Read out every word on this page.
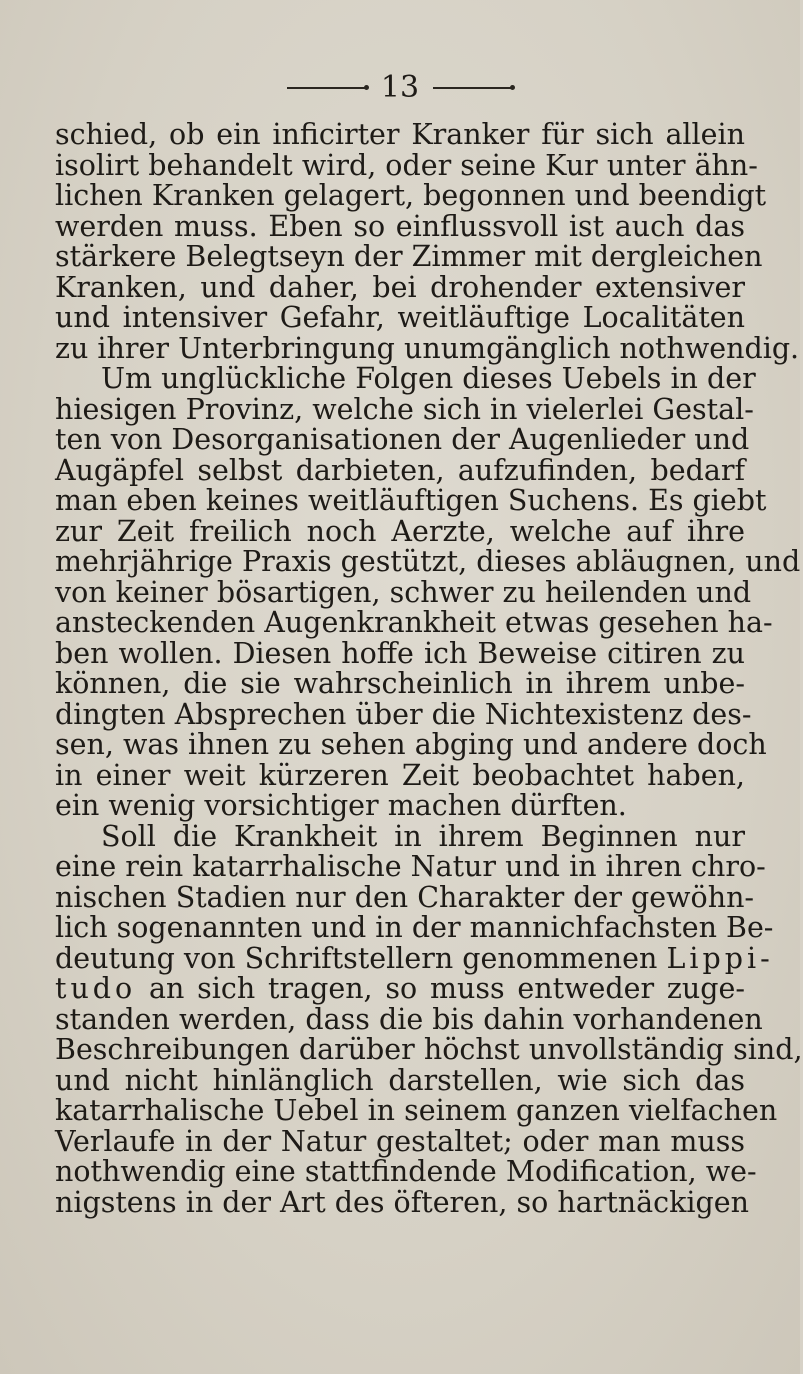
13
schied, ob ein inficirter Kranker für sich allein
isolirt behandelt wird, oder seine Kur unter ähn-
lichen Kranken gelagert, begonnen und beendigt
werden muss. Eben so einflussvoll ist auch das
stärkere Belegtseyn der Zimmer mit dergleichen
Kranken, und daher, bei drohender extensiver
und intensiver Gefahr, weitläuftige Localitäten
zu ihrer Unterbringung unumgänglich nothwendig.
Um unglückliche Folgen dieses Uebels in der
hiesigen Provinz, welche sich in vielerlei Gestal-
ten von Desorganisationen der Augenlieder und
Augäpfel selbst darbieten, aufzufinden, bedarf
man eben keines weitläuftigen Suchens. Es giebt
zur Zeit freilich noch Aerzte, welche auf ihre
mehrjährige Praxis gestützt, dieses abläugnen, und
von keiner bösartigen, schwer zu heilenden und
ansteckenden Augenkrankheit etwas gesehen ha-
ben wollen. Diesen hoffe ich Beweise citiren zu
können, die sie wahrscheinlich in ihrem unbe-
dingten Absprechen über die Nichtexistenz des-
sen, was ihnen zu sehen abging und andere doch
in einer weit kürzeren Zeit beobachtet haben,
ein wenig vorsichtiger machen dürften.
Soll die Krankheit in ihrem Beginnen nur
eine rein katarrhalische Natur und in ihren chro-
nischen Stadien nur den Charakter der gewöhn-
lich sogenannten und in der mannichfachsten Be-
deutung von Schriftstellern genommenen Lippi-
tudo an sich tragen, so muss entweder zuge-
standen werden, dass die bis dahin vorhandenen
Beschreibungen darüber höchst unvollständig sind,
und nicht hinlänglich darstellen, wie sich das
katarrhalische Uebel in seinem ganzen vielfachen
Verlaufe in der Natur gestaltet; oder man muss
nothwendig eine stattfindende Modification, we-
nigstens in der Art des öfteren, so hartnäckigen
